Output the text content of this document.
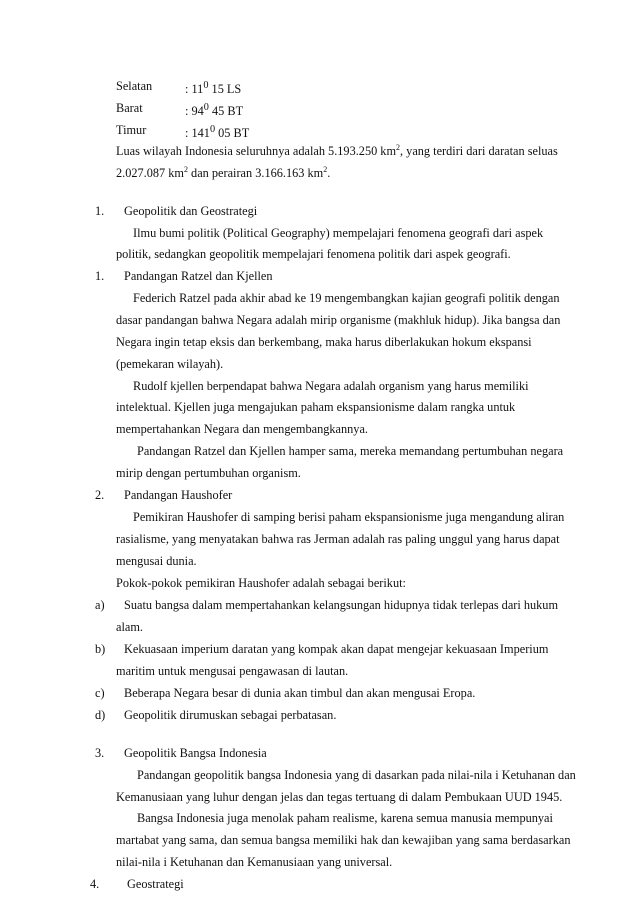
Selatan	: $11^0$ 15 LS
Barat	: $94^0$ 45 BT
Timur	: $141^0$ 05 BT
Luas wilayah Indonesia seluruhnya adalah 5.193.250 $km^2$, yang terdiri dari daratan seluas
2.027.087 $km^2$ dan perairan 3.166.163 $km^2$.
1. Geopolitik dan Geostrategi
Ilmu bumi politik (Political Geography) mempelajari fenomena geografi dari aspek
politik, sedangkan geopolitik mempelajari fenomena politik dari aspek geografi.
1. Pandangan Ratzel dan Kjellen
Federich Ratzel pada akhir abad ke 19 mengembangkan kajian geografi politik dengan
dasar pandangan bahwa Negara adalah mirip organisme (makhluk hidup). Jika bangsa dan
Negara ingin tetap eksis dan berkembang, maka harus diberlakukan hokum ekspansi
(pemekaran wilayah).
Rudolf kjellen berpendapat bahwa Negara adalah organism yang harus memiliki
intelektual. Kjellen juga mengajukan paham ekspansionisme dalam rangka untuk
mempertahankan Negara dan mengembangkannya.
Pandangan Ratzel dan Kjellen hamper sama, mereka memandang pertumbuhan negara
mirip dengan pertumbuhan organism.
2. Pandangan Haushofer
Pemikiran Haushofer di samping berisi paham ekspansionisme juga mengandung aliran
rasialisme, yang menyatakan bahwa ras Jerman adalah ras paling unggul yang harus dapat
mengusai dunia.
Pokok-pokok pemikiran Haushofer adalah sebagai berikut:
a) Suatu bangsa dalam mempertahankan kelangsungan hidupnya tidak terlepas dari hukum
alam.
b) Kekuasaan imperium daratan yang kompak akan dapat mengejar kekuasaan Imperium
maritim untuk mengusai pengawasan di lautan.
c) Beberapa Negara besar di dunia akan timbul dan akan mengusai Eropa.
d) Geopolitik dirumuskan sebagai perbatasan.
3. Geopolitik Bangsa Indonesia
Pandangan geopolitik bangsa Indonesia yang di dasarkan pada nilai-nila i Ketuhanan dan
Kemanusiaan yang luhur dengan jelas dan tegas tertuang di dalam Pembukaan UUD 1945.
Bangsa Indonesia juga menolak paham realisme, karena semua manusia mempunyai
martabat yang sama, dan semua bangsa memiliki hak dan kewajiban yang sama berdasarkan
nilai-nila i Ketuhanan dan Kemanusiaan yang universal.
4. Geostrategi
